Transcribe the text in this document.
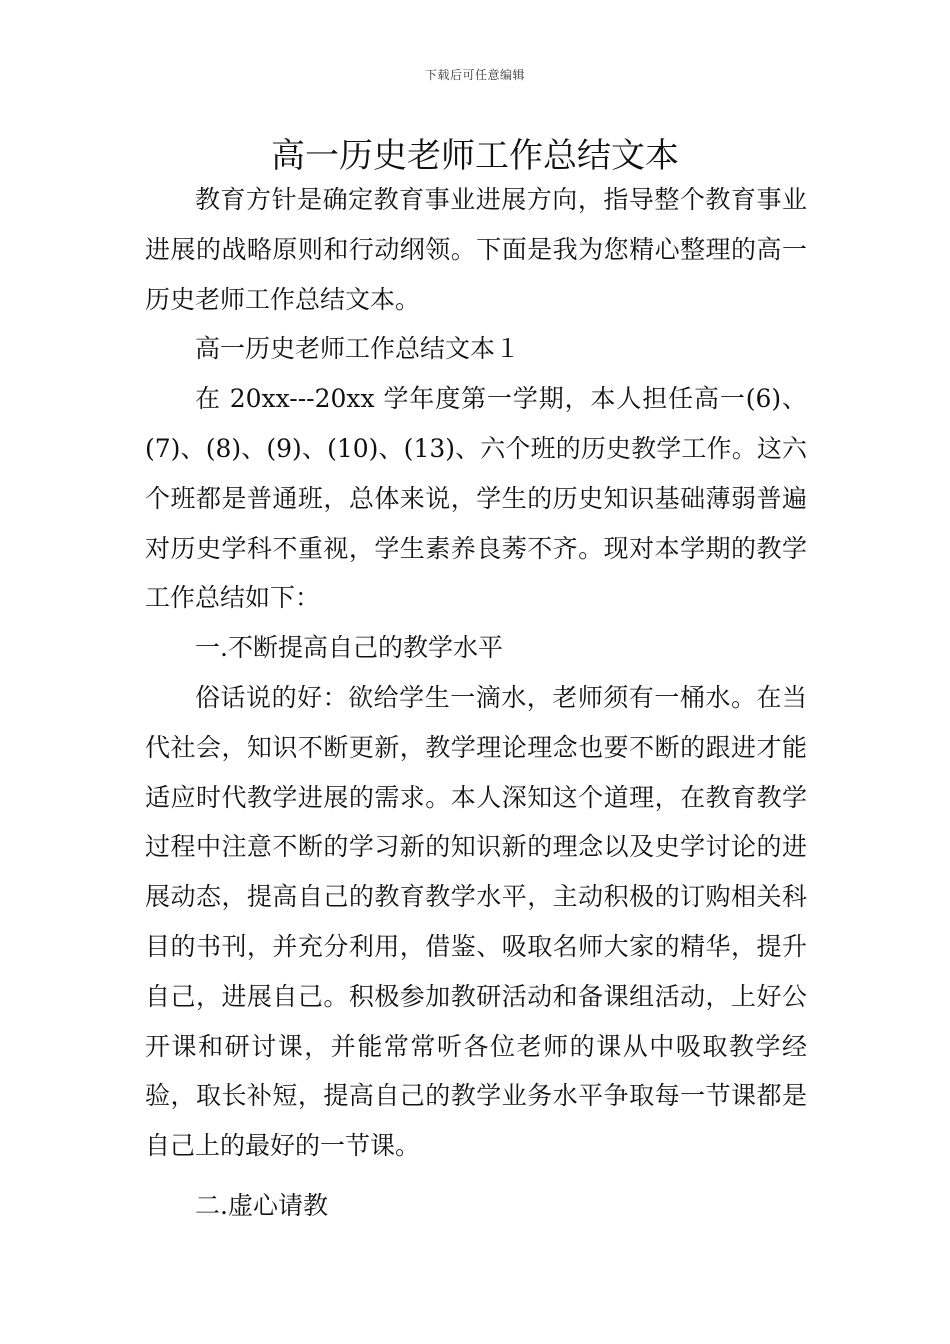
下载后可任意编辑
高一历史老师工作总结文本

教育方针是确定教育事业进展方向，指导整个教育事业进展的战略原则和行动纲领。下面是我为您精心整理的高一历史老师工作总结文本。

高一历史老师工作总结文本１

在 20xx---20xx 学年度第一学期，本人担任高一(6)、(7)、(8)、(9)、(10)、(13)、六个班的历史教学工作。这六个班都是普通班，总体来说，学生的历史知识基础薄弱普遍对历史学科不重视，学生素养良莠不齐。现对本学期的教学工作总结如下：

一.不断提高自己的教学水平

俗话说的好：欲给学生一滴水，老师须有一桶水。在当代社会，知识不断更新，教学理论理念也要不断的跟进才能适应时代教学进展的需求。本人深知这个道理，在教育教学过程中注意不断的学习新的知识新的理念以及史学讨论的进展动态，提高自己的教育教学水平，主动积极的订购相关科目的书刊，并充分利用，借鉴、吸取名师大家的精华，提升自己，进展自己。积极参加教研活动和备课组活动，上好公开课和研讨课，并能常常听各位老师的课从中吸取教学经验，取长补短，提高自己的教学业务水平争取每一节课都是自己上的最好的一节课。

二.虚心请教
